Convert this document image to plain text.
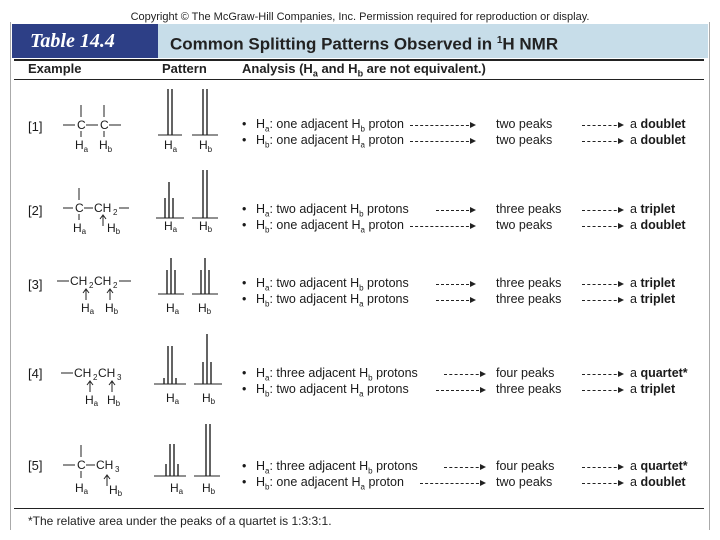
Copyright © The McGraw-Hill Companies, Inc. Permission required for reproduction or display.
Table 14.4	Common Splitting Patterns Observed in $^1$H NMR
Example	Pattern	Analysis ($H_a$ and $H_b$ are not equivalent.)
[1]	C C
$H_a$ $H_b$	$H_a$ $H_b$
• $H_a$: one adjacent $H_b$ proton	two peaks	a doublet
• $H_b$: one adjacent $H_a$ proton	two peaks	a doublet
[2]	C CH 2
Ha Hb	Ha Hb
• $H_a$: two adjacent $H_b$ protons	three peaks	a triplet
• $H_b$: one adjacent $H_a$ proton	two peaks	a doublet
[3] CH 2 CH 2
Ha Hb	Ha Hb
• $H_a$: two adjacent $H_b$ protons	three peaks	a triplet
• $H_b$: two adjacent $H_a$ protons	three peaks	a triplet
[4]	CH 2 CH 3
Ha Hb	Ha Hb
• $H_a$: three adjacent $H_b$ protons	four peaks	a quartet*
• $H_b$: two adjacent $H_a$ protons	three peaks	a triplet
[5]	C CH 3
Ha Hb	Ha Hb
• $H_a$: three adjacent $H_b$ protons	four peaks	a quartet*
• $H_b$: one adjacent $H_a$ proton	two peaks	a doublet
*The relative area under the peaks of a quartet is 1:3:3:1.
